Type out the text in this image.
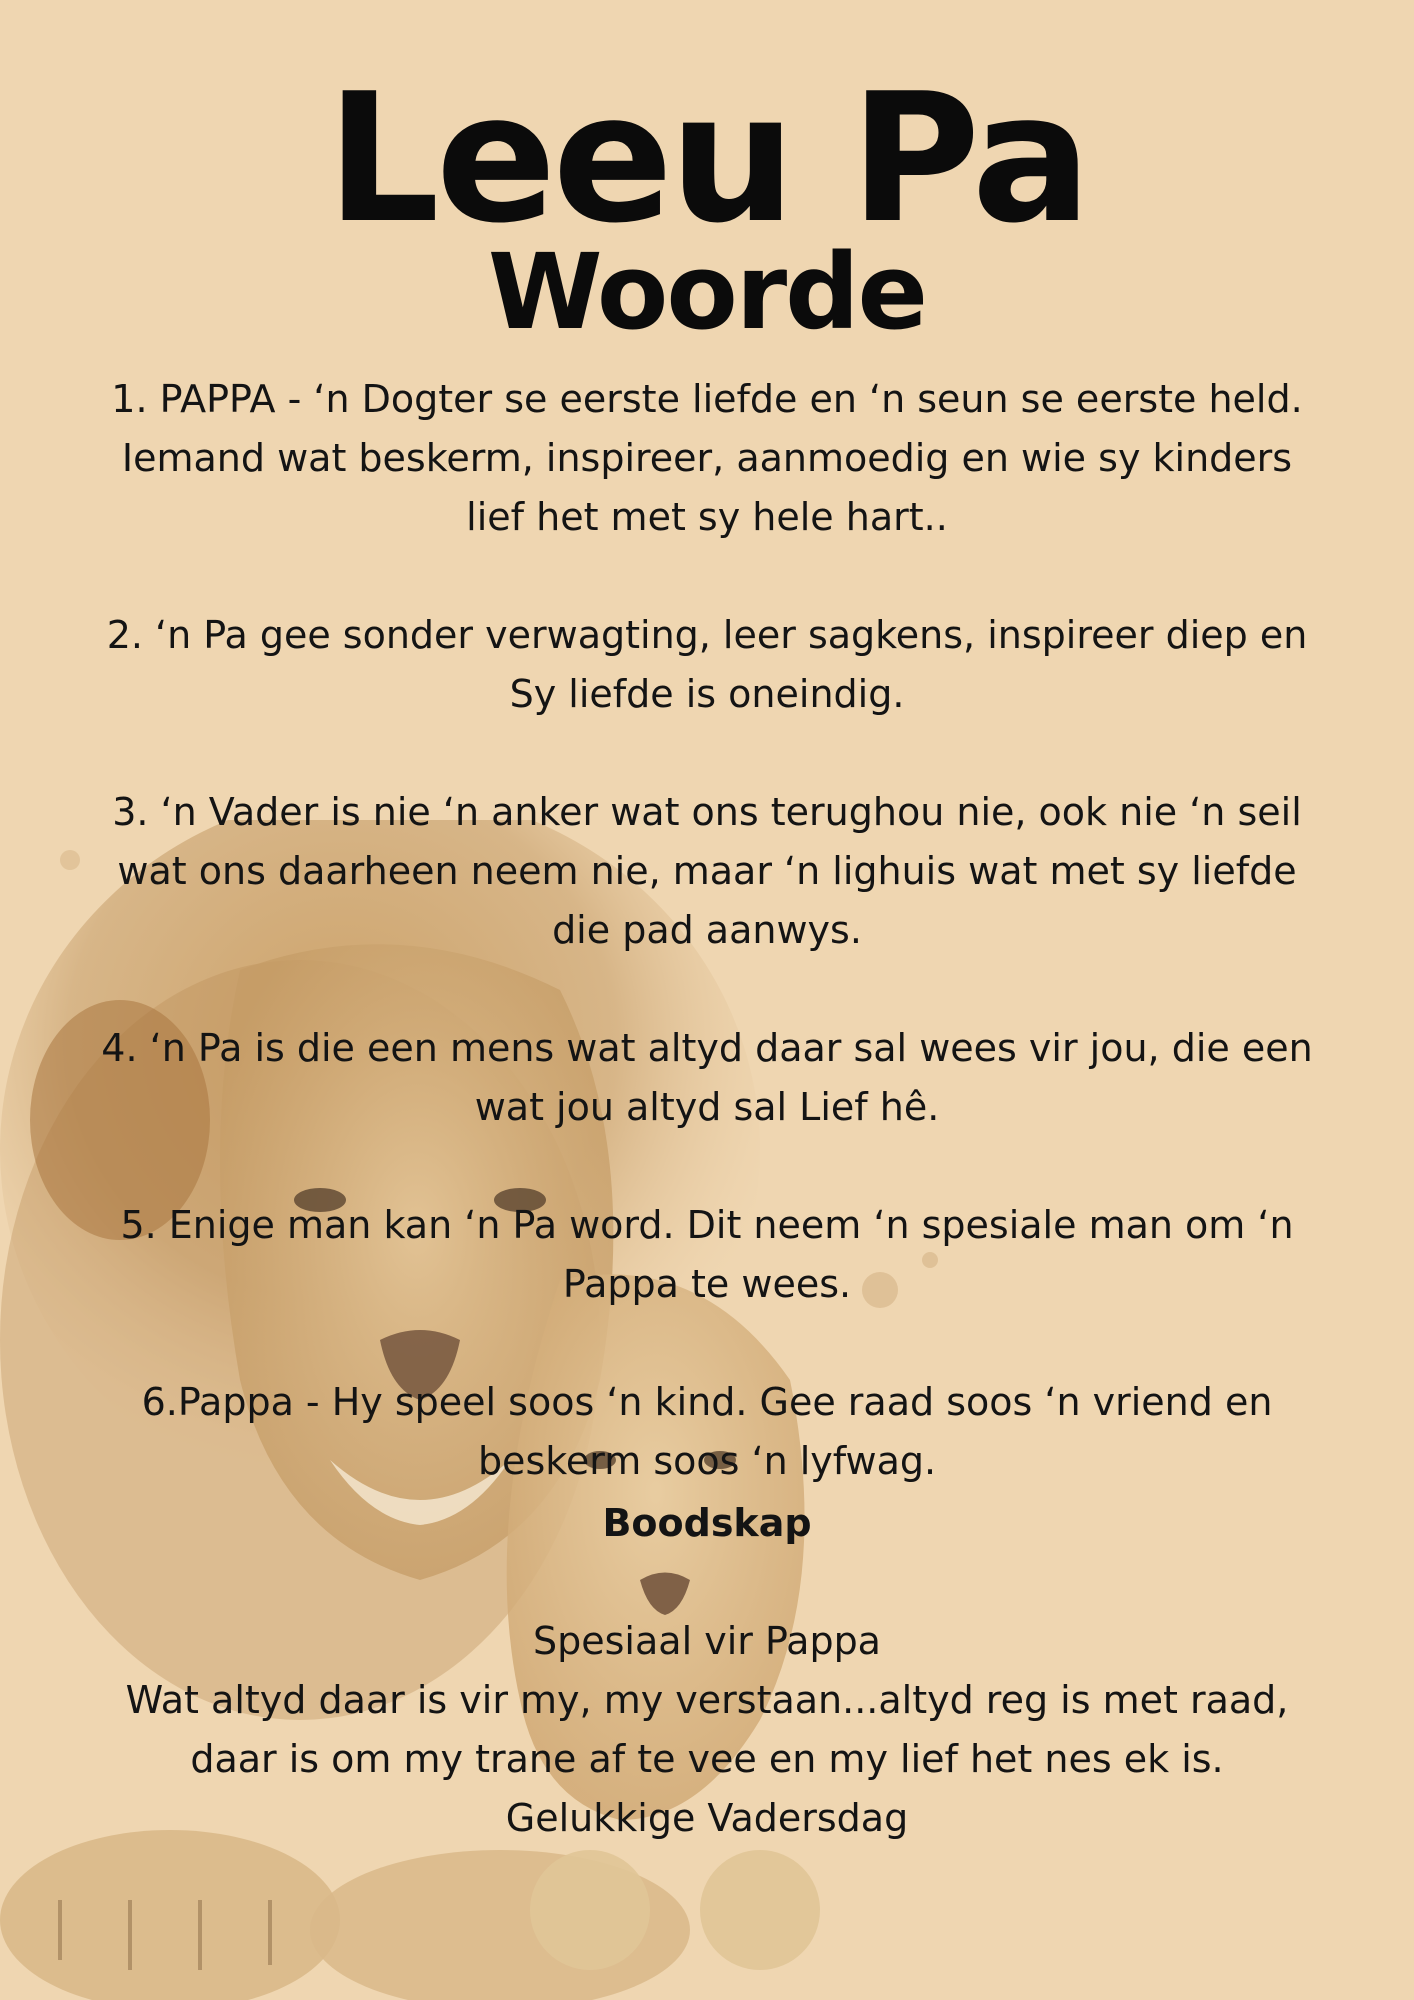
Leeu Pa
Woorde

1. PAPPA - ‘n Dogter se eerste liefde en ‘n seun se eerste held. Iemand wat beskerm, inspireer, aanmoedig en wie sy kinders lief het met sy hele hart..

2. ‘n Pa gee sonder verwagting, leer sagkens, inspireer diep en Sy liefde is oneindig.

3. ‘n Vader is nie ‘n anker wat ons terughou nie, ook nie ‘n seil wat ons daarheen neem nie, maar ‘n lighuis wat met sy liefde die pad aanwys.

4. ‘n Pa is die een mens wat altyd daar sal wees vir jou, die een wat jou altyd sal Lief hê.

5. Enige man kan ‘n Pa word. Dit neem ‘n spesiale man om ‘n Pappa te wees.

6.Pappa - Hy speel soos ‘n kind. Gee raad soos ‘n vriend en beskerm soos ‘n lyfwag.

Boodskap

Spesiaal vir Pappa

Wat altyd daar is vir my, my verstaan...altyd reg is met raad, daar is om my trane af te vee en my lief het nes ek is.

Gelukkige Vadersdag
